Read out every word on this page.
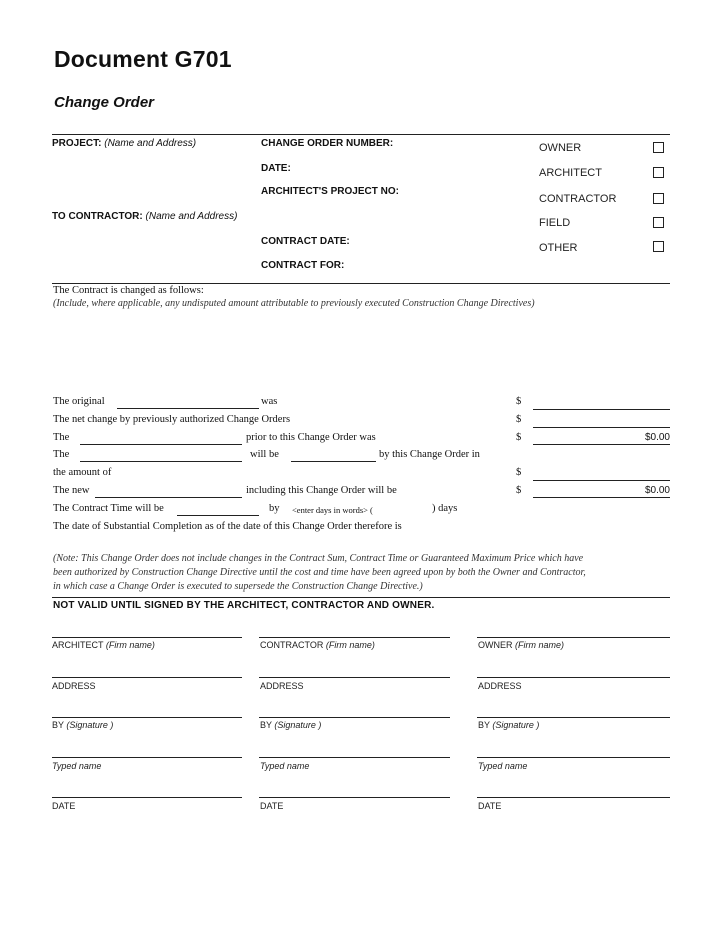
Document G701
Change Order
PROJECT: (Name and Address)
TO CONTRACTOR: (Name and Address)
CHANGE ORDER NUMBER:
DATE:
ARCHITECT'S PROJECT NO:
CONTRACT DATE:
CONTRACT FOR:
OWNER
ARCHITECT
CONTRACTOR
FIELD
OTHER
The Contract is changed as follows:
(Include, where applicable, any undisputed amount attributable to previously executed Construction Change Directives)
The original	was	$
The net change by previously authorized Change Orders	$
The	prior to this Change Order was	$	$0.00
The	will be	by this Change Order in
the amount of	$
The new	including this Change Order will be	$	$0.00
The Contract Time will be	by <enter days in words> (	) days
The date of Substantial Completion as of the date of this Change Order therefore is
(Note: This Change Order does not include changes in the Contract Sum, Contract Time or Guaranteed Maximum Price which have
been authorized by Construction Change Directive until the cost and time have been agreed upon by both the Owner and Contractor,
in which case a Change Order is executed to supersede the Construction Change Directive.)
NOT VALID UNTIL SIGNED BY THE ARCHITECT, CONTRACTOR AND OWNER.
ARCHITECT (Firm name)
ADDRESS
BY (Signature )
Typed name
DATE
CONTRACTOR (Firm name)
ADDRESS
BY (Signature )
Typed name
DATE
OWNER (Firm name)
ADDRESS
BY (Signature )
Typed name
DATE
